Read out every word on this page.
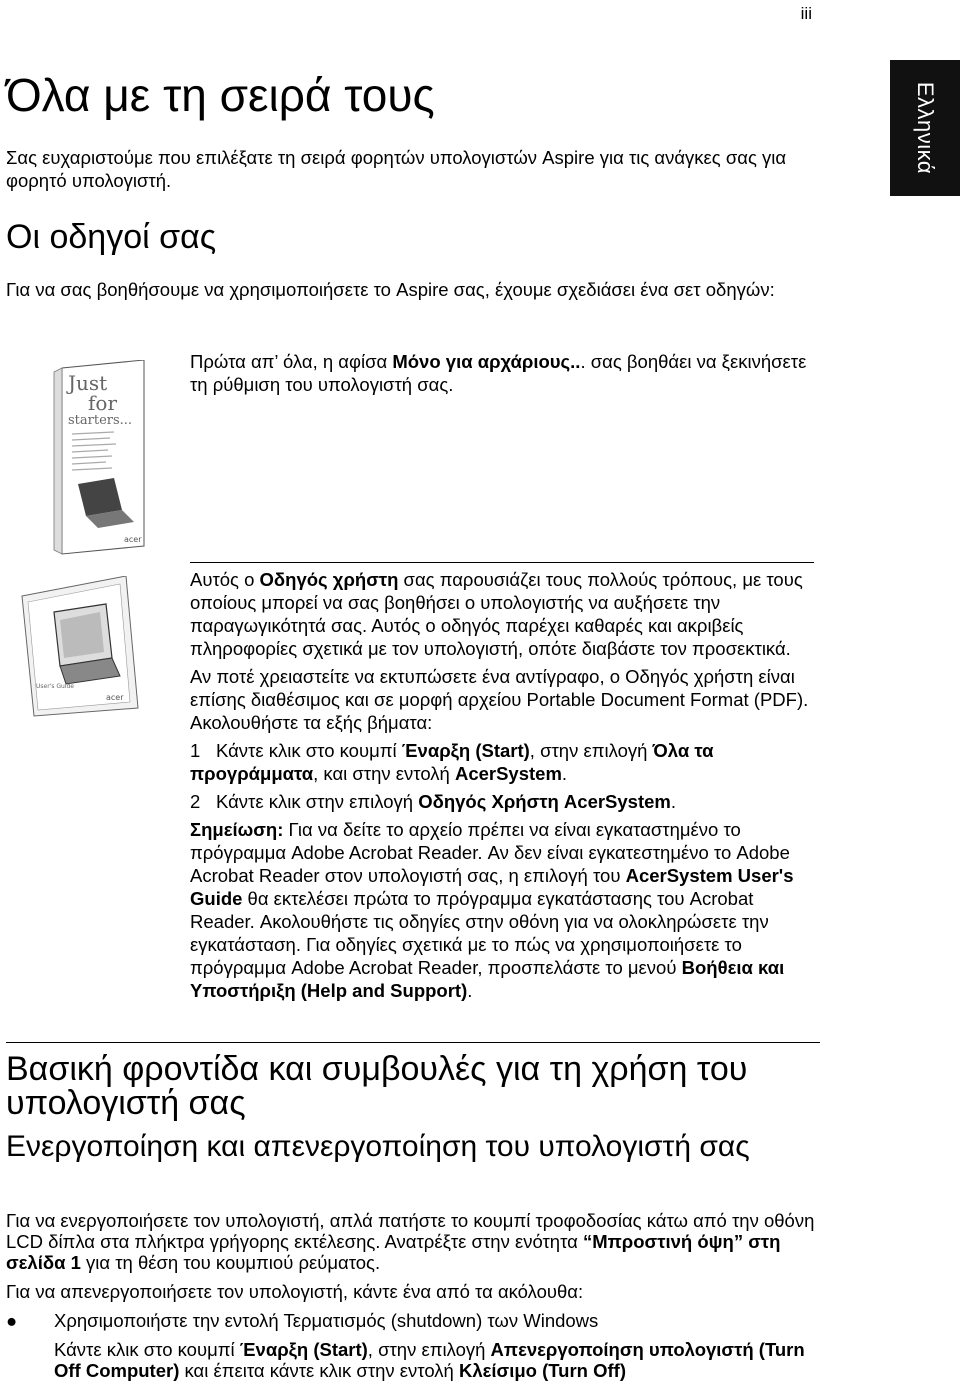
iii
Ελληνικά
Όλα με τη σειρά τους

Σας ευχαριστούμε που επιλέξατε τη σειρά φορητών υπολογιστών Aspire για τις ανάγκες σας για φορητό υπολογιστή.

Οι οδηγοί σας

Για να σας βοηθήσουμε να χρησιμοποιήσετε το Aspire σας, έχουμε σχεδιάσει ένα σετ οδηγών:

Just
for
starters...
acer

Πρώτα απ’ όλα, η αφίσα Μόνο για αρχάριους... σας βοηθάει να ξεκινήσετε τη ρύθμιση του υπολογιστή σας.

User's Guide
acer

Αυτός ο Οδηγός χρήστη σας παρουσιάζει τους πολλούς τρόπους, με τους οποίους μπορεί να σας βοηθήσει ο υπολογιστής να αυξήσετε την παραγωγικότητά σας. Αυτός ο οδηγός παρέχει καθαρές και ακριβείς πληροφορίες σχετικά με τον υπολογιστή, οπότε διαβάστε τον προσεκτικά.

Αν ποτέ χρειαστείτε να εκτυπώσετε ένα αντίγραφο, ο Οδηγός χρήστη είναι επίσης διαθέσιμος και σε μορφή αρχείου Portable Document Format (PDF). Ακολουθήστε τα εξής βήματα:

1 Κάντε κλικ στο κουμπί Έναρξη (Start), στην επιλογή Όλα τα προγράμματα, και στην εντολή AcerSystem.

2 Κάντε κλικ στην επιλογή Οδηγός Χρήστη AcerSystem.

Σημείωση: Για να δείτε το αρχείο πρέπει να είναι εγκαταστημένο το πρόγραμμα Adobe Acrobat Reader. Αν δεν είναι εγκατεστημένο το Adobe Acrobat Reader στον υπολογιστή σας, η επιλογή του AcerSystem User's Guide θα εκτελέσει πρώτα το πρόγραμμα εγκατάστασης του Acrobat Reader. Ακολουθήστε τις οδηγίες στην οθόνη για να ολοκληρώσετε την εγκατάσταση. Για οδηγίες σχετικά με το πώς να χρησιμοποιήσετε το πρόγραμμα Adobe Acrobat Reader, προσπελάστε το μενού Βοήθεια και Υποστήριξη (Help and Support).

Βασική φροντίδα και συμβουλές για τη χρήση του υπολογιστή σας
Ενεργοποίηση και απενεργοποίηση του υπολογιστή σας

Για να ενεργοποιήσετε τον υπολογιστή, απλά πατήστε το κουμπί τροφοδοσίας κάτω από την οθόνη LCD δίπλα στα πλήκτρα γρήγορης εκτέλεσης. Ανατρέξτε στην ενότητα “Μπροστινή όψη” στη σελίδα 1 για τη θέση του κουμπιού ρεύματος.

Για να απενεργοποιήσετε τον υπολογιστή, κάντε ένα από τα ακόλουθα:

● Χρησιμοποιήστε την εντολή Τερματισμός (shutdown) των Windows

Κάντε κλικ στο κουμπί Έναρξη (Start), στην επιλογή Απενεργοποίηση υπολογιστή (Turn Off Computer) και έπειτα κάντε κλικ στην εντολή Κλείσιμο (Turn Off)
